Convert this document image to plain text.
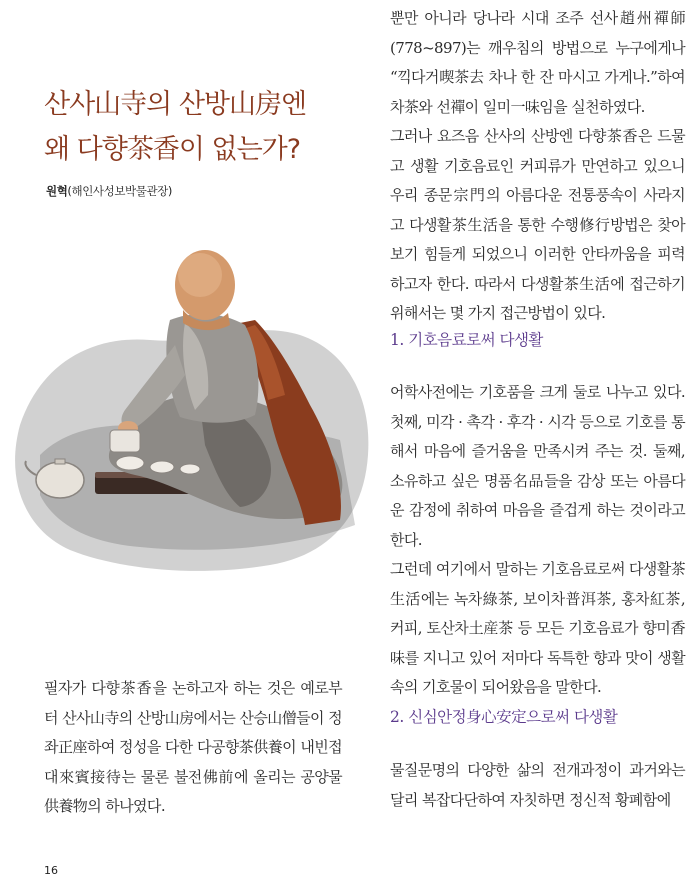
산사山寺의 산방山房엔
왜 다향茶香이 없는가?
원혁(해인사성보박물관장)

필자가 다향茶香을 논하고자 하는 것은 예로부터 산사山寺의 산방山房에서는 산승山僧들이 정좌正座하여 정성을 다한 다공향茶供養이 내빈접대來賓接待는 물론 불전佛前에 올리는 공양물供養物의 하나였다.

뿐만 아니라 당나라 시대 조주 선사趙州禪師(778~897)는 깨우침의 방법으로 누구에게나 “끽다거喫茶去 차나 한 잔 마시고 가게나.”하여 차茶와 선禪이 일미一味임을 실천하였다.
그러나 요즈음 산사의 산방엔 다향茶香은 드물고 생활 기호음료인 커피류가 만연하고 있으니 우리 종문宗門의 아름다운 전통풍속이 사라지고 다생활茶生活을 통한 수행修行방법은 찾아보기 힘들게 되었으니 이러한 안타까움을 피력하고자 한다. 따라서 다생활茶生活에 접근하기 위해서는 몇 가지 접근방법이 있다.
1. 기호음료로써 다생활
어학사전에는 기호품을 크게 둘로 나누고 있다. 첫째, 미각 · 촉각 · 후각 · 시각 등으로 기호를 통해서 마음에 즐거움을 만족시켜 주는 것. 둘째, 소유하고 싶은 명품名品들을 감상 또는 아름다운 감정에 취하여 마음을 즐겁게 하는 것이라고 한다.
그런데 여기에서 말하는 기호음료로써 다생활茶生活에는 녹차綠茶, 보이차普洱茶, 홍차紅茶, 커피, 토산차土産茶 등 모든 기호음료가 향미香味를 지니고 있어 저마다 독특한 향과 맛이 생활 속의 기호물이 되어왔음을 말한다.
2. 신심안정身心安定으로써 다생활

물질문명의 다양한 삶의 전개과정이 과거와는 달리 복잡다단하여 자칫하면 정신적 황폐함에

16
